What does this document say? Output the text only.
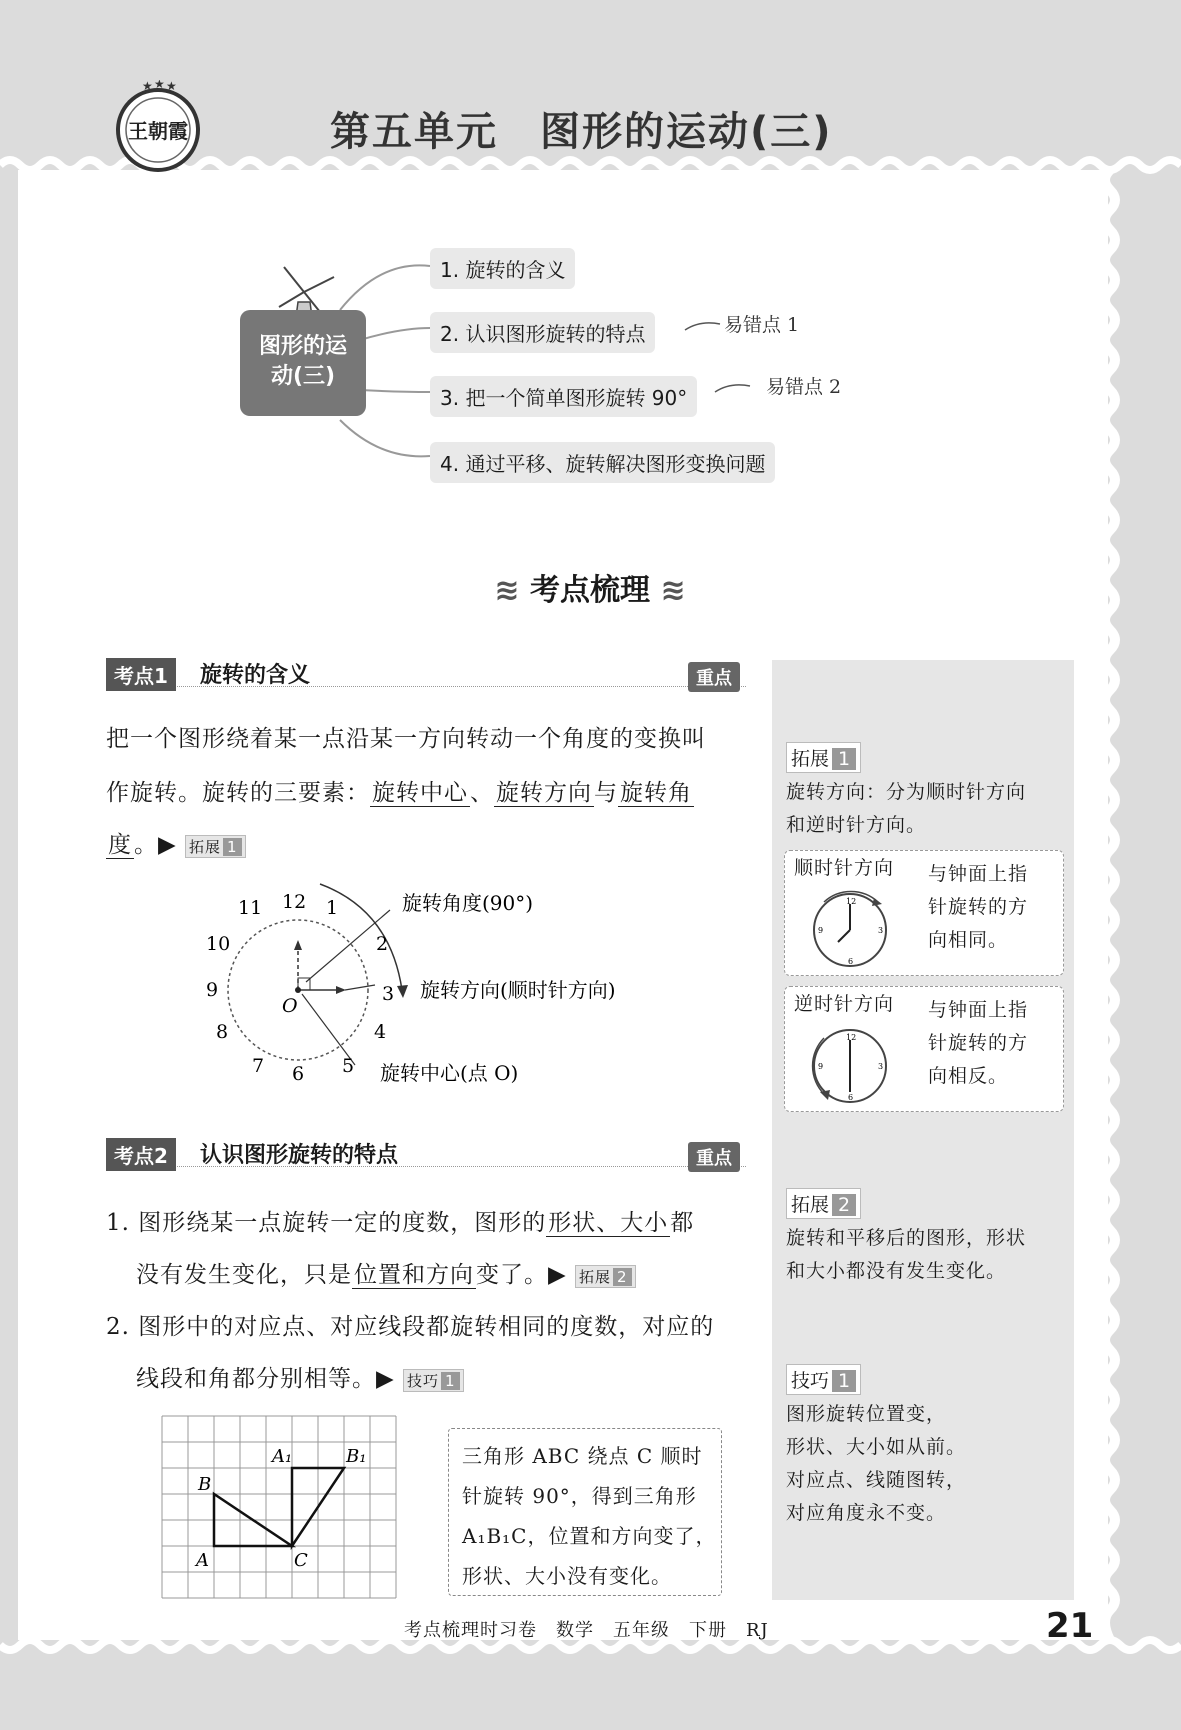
★ ★ ★
王朝霞	第五单元　图形的运动(三)
图形的运
动(三)
1. 旋转的含义
2. 认识图形旋转的特点	易错点 1
3. 把一个简单图形旋转 90°	易错点 2
4. 通过平移、旋转解决图形变换问题
≋ 考点梳理 ≋
考点1	旋转的含义	重点
把一个图形绕着某一点沿某一方向转动一个角度的变换叫
作旋转。旋转的三要素：旋转中心、旋转方向与旋转角
度。▶ 拓展 1
11 12 1
10	2
9	3
8	4
7 6 5
O
旋转角度(90°)
旋转方向(顺时针方向)
旋转中心(点 O)
考点2	认识图形旋转的特点	重点
1. 图形绕某一点旋转一定的度数，图形的形状、大小都
没有发生变化，只是位置和方向变了。▶ 拓展 2
2. 图形中的对应点、对应线段都旋转相同的度数，对应的
线段和角都分别相等。▶ 技巧 1
A₁	B₁
B
A	C
三角形 ABC 绕点 C 顺时
针旋转 90°，得到三角形
A₁B₁C，位置和方向变了，
形状、大小没有变化。
拓展 1
旋转方向：分为顺时针方向
和逆时针方向。
顺时针方向
12
3
6
9
与钟面上指
针旋转的方
向相同。
逆时针方向
12
3
6
9
与钟面上指
针旋转的方
向相反。
拓展 2
旋转和平移后的图形，形状
和大小都没有发生变化。
技巧 1
图形旋转位置变，
形状、大小如从前。
对应点、线随图转，
对应角度永不变。
考点梳理时习卷　数学　五年级　下册　RJ	21
